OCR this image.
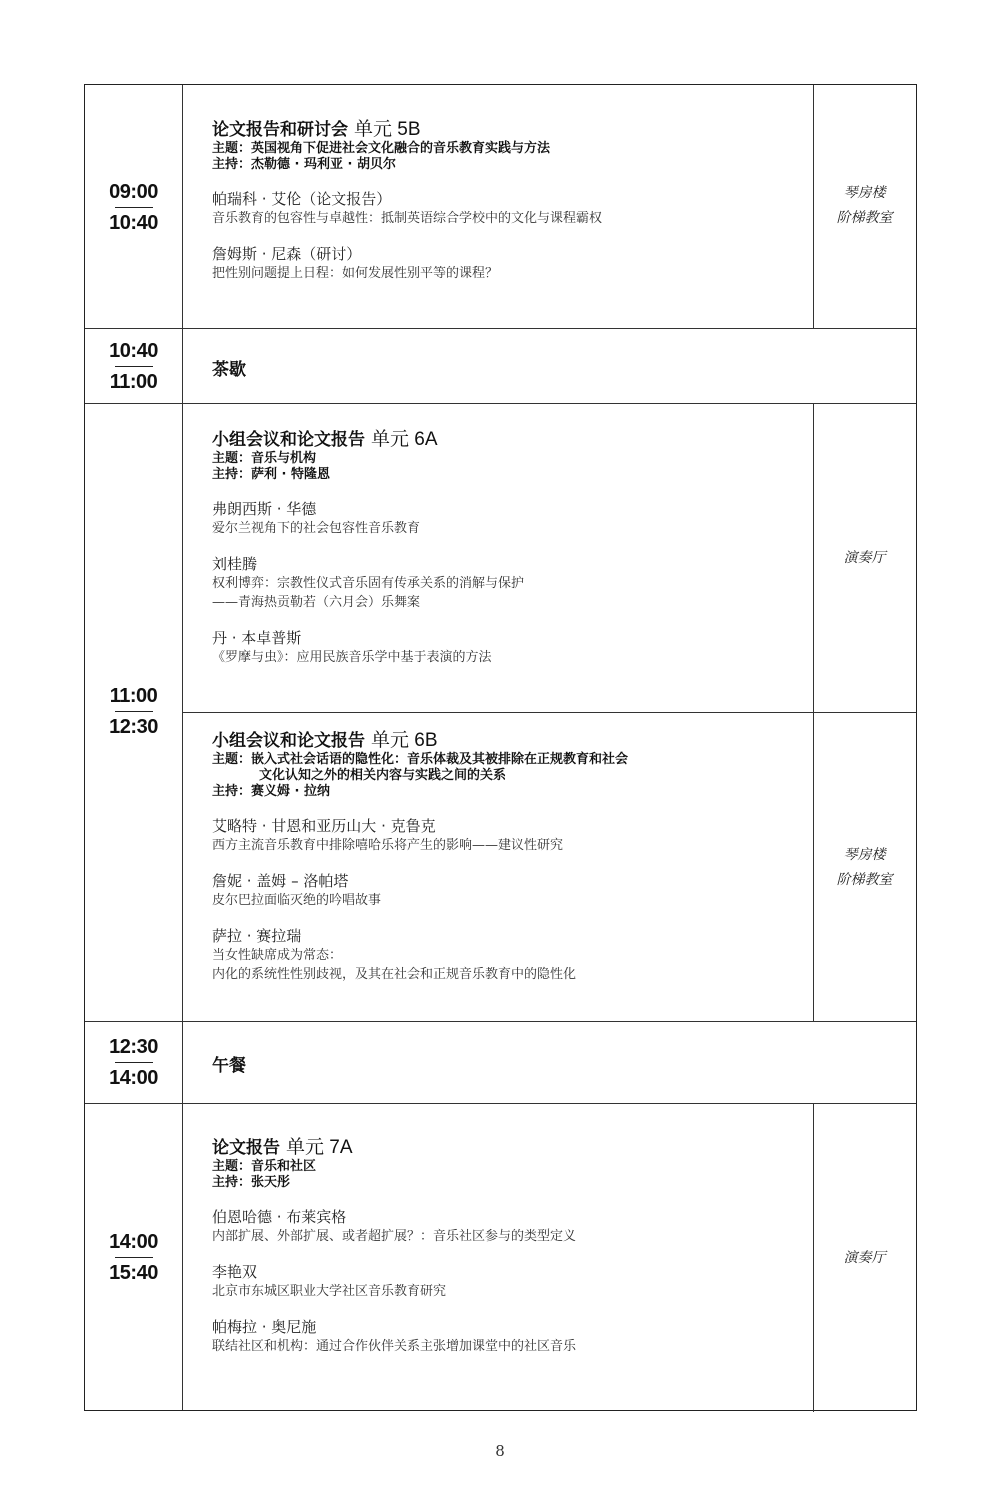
09:00
10:40
论文报告和研讨会 单元 5B
主题：英国视角下促进社会文化融合的音乐教育实践与方法
主持：杰勒德 · 玛利亚 · 胡贝尔
帕瑞科 · 艾伦（论文报告）
音乐教育的包容性与卓越性：抵制英语综合学校中的文化与课程霸权
詹姆斯 · 尼森（研讨）
把性别问题提上日程：如何发展性别平等的课程？
琴房楼
阶梯教室
10:40
11:00
茶歇
11:00
12:30
小组会议和论文报告 单元 6A
主题：音乐与机构
主持：萨利 · 特隆恩
弗朗西斯 · 华德
爱尔兰视角下的社会包容性音乐教育
刘桂腾
权利博弈：宗教性仪式音乐固有传承关系的消解与保护
——青海热贡勒若（六月会）乐舞案
丹 · 本卓普斯
《罗摩与虫》：应用民族音乐学中基于表演的方法
演奏厅
小组会议和论文报告 单元 6B
主题：嵌入式社会话语的隐性化：音乐体裁及其被排除在正规教育和社会
文化认知之外的相关内容与实践之间的关系
主持：赛义姆 · 拉纳
艾略特 · 甘恩和亚历山大 · 克鲁克
西方主流音乐教育中排除嘻哈乐将产生的影响——建议性研究
詹妮 · 盖姆 – 洛帕塔
皮尔巴拉面临灭绝的吟唱故事
萨拉 · 赛拉瑞
当女性缺席成为常态：
内化的系统性性别歧视，及其在社会和正规音乐教育中的隐性化
琴房楼
阶梯教室
12:30
14:00
午餐
14:00
15:40
论文报告 单元 7A
主题：音乐和社区
主持：张天彤
伯恩哈德 · 布莱宾格
内部扩展、外部扩展、或者超扩展？：音乐社区参与的类型定义
李艳双
北京市东城区职业大学社区音乐教育研究
帕梅拉 · 奥尼施
联结社区和机构：通过合作伙伴关系主张增加课堂中的社区音乐
演奏厅
8
